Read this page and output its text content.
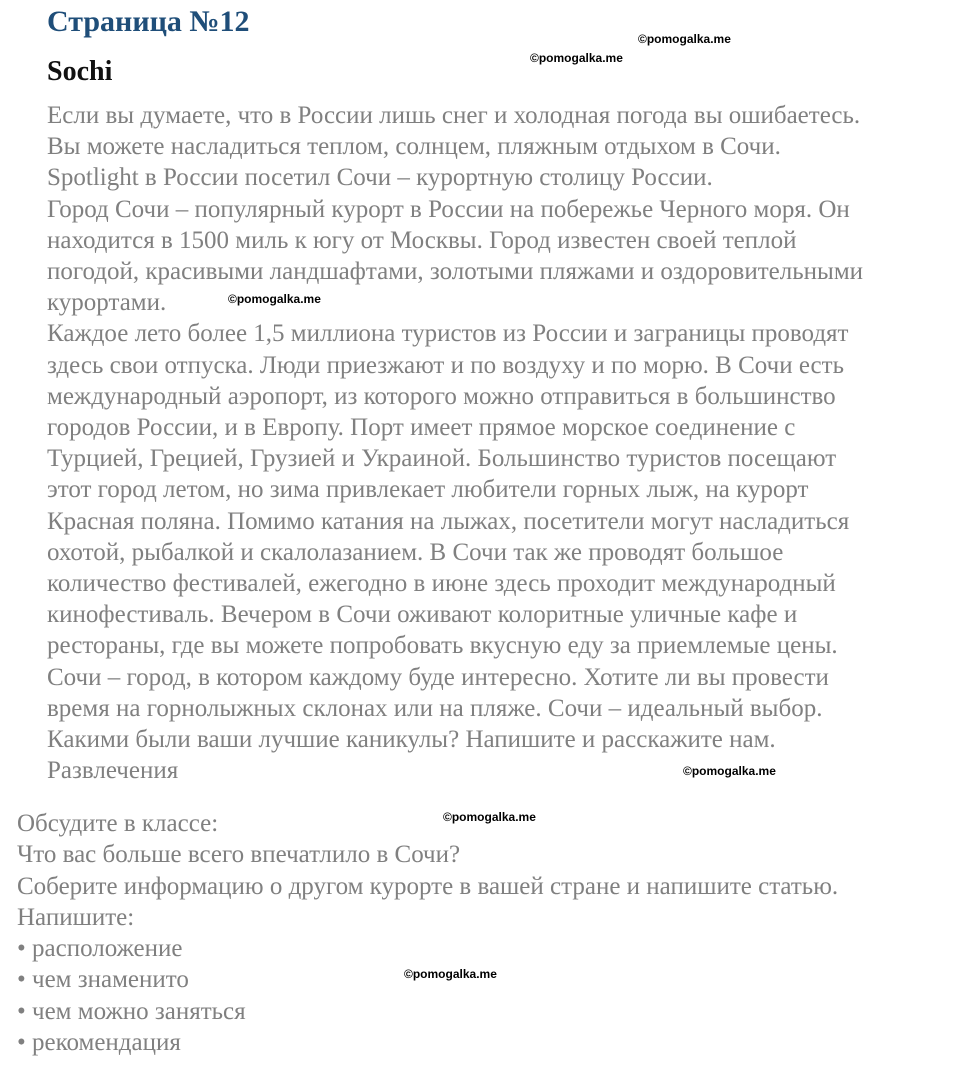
Страница №12
Sochi
Если вы думаете, что в России лишь снег и холодная погода вы ошибаетесь.
Вы можете насладиться теплом, солнцем, пляжным отдыхом в Сочи.
Spotlight в России посетил Сочи – курортную столицу России.
Город Сочи – популярный курорт в России на побережье Черного моря. Он
находится в 1500 миль к югу от Москвы. Город известен своей теплой
погодой, красивыми ландшафтами, золотыми пляжами и оздоровительными
курортами.
Каждое лето более 1,5 миллиона туристов из России и заграницы проводят
здесь свои отпуска. Люди приезжают и по воздуху и по морю. В Сочи есть
международный аэропорт, из которого можно отправиться в большинство
городов России, и в Европу. Порт имеет прямое морское соединение с
Турцией, Грецией, Грузией и Украиной. Большинство туристов посещают
этот город летом, но зима привлекает любители горных лыж, на курорт
Красная поляна. Помимо катания на лыжах, посетители могут насладиться
охотой, рыбалкой и скалолазанием. В Сочи так же проводят большое
количество фестивалей, ежегодно в июне здесь проходит международный
кинофестиваль. Вечером в Сочи оживают колоритные уличные кафе и
рестораны, где вы можете попробовать вкусную еду за приемлемые цены.
Сочи – город, в котором каждому буде интересно. Хотите ли вы провести
время на горнолыжных склонах или на пляже. Сочи – идеальный выбор.
Какими были ваши лучшие каникулы? Напишите и расскажите нам.
Развлечения
Обсудите в классе:
Что вас больше всего впечатлило в Сочи?
Соберите информацию о другом курорте в вашей стране и напишите статью.
Напишите:
• расположение
• чем знаменито
• чем можно заняться
• рекомендация
©pomogalka.me
©pomogalka.me
©pomogalka.me
©pomogalka.me
©pomogalka.me
©pomogalka.me
